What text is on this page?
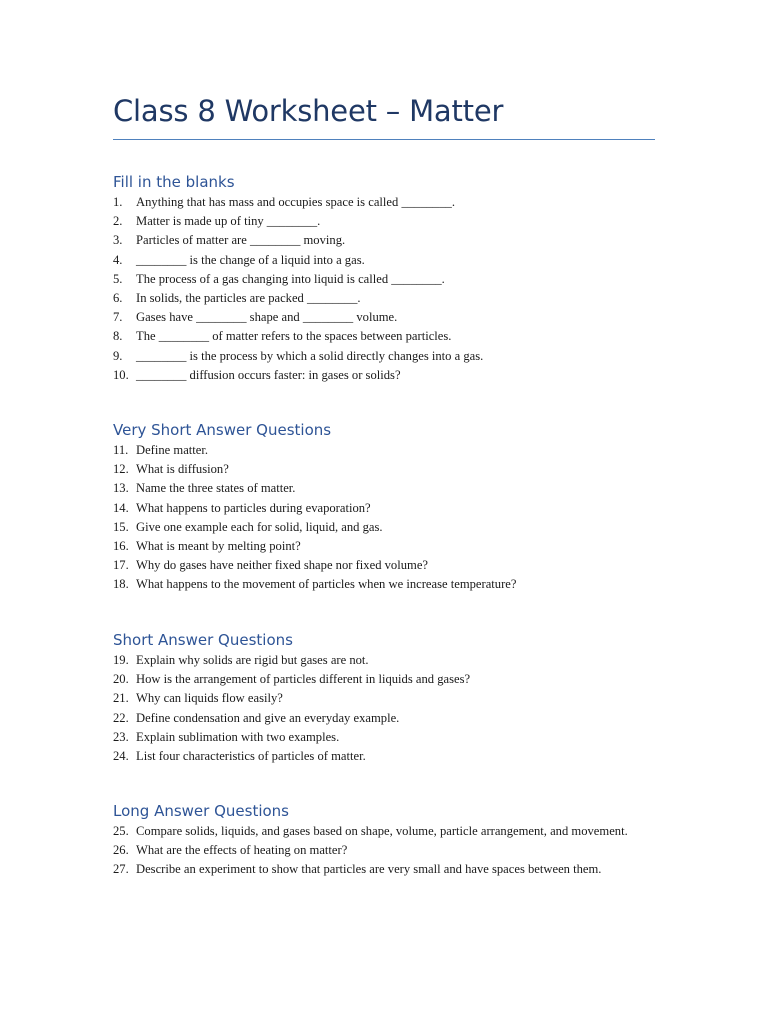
Class 8 Worksheet – Matter
Fill in the blanks
1. Anything that has mass and occupies space is called ________.
2. Matter is made up of tiny ________.
3. Particles of matter are ________ moving.
4. ________ is the change of a liquid into a gas.
5. The process of a gas changing into liquid is called ________.
6. In solids, the particles are packed ________.
7. Gases have ________ shape and ________ volume.
8. The ________ of matter refers to the spaces between particles.
9. ________ is the process by which a solid directly changes into a gas.
10. ________ diffusion occurs faster: in gases or solids?
Very Short Answer Questions
11. Define matter.
12. What is diffusion?
13. Name the three states of matter.
14. What happens to particles during evaporation?
15. Give one example each for solid, liquid, and gas.
16. What is meant by melting point?
17. Why do gases have neither fixed shape nor fixed volume?
18. What happens to the movement of particles when we increase temperature?
Short Answer Questions
19. Explain why solids are rigid but gases are not.
20. How is the arrangement of particles different in liquids and gases?
21. Why can liquids flow easily?
22. Define condensation and give an everyday example.
23. Explain sublimation with two examples.
24. List four characteristics of particles of matter.
Long Answer Questions
25. Compare solids, liquids, and gases based on shape, volume, particle arrangement, and movement.
26. What are the effects of heating on matter?
27. Describe an experiment to show that particles are very small and have spaces between them.
